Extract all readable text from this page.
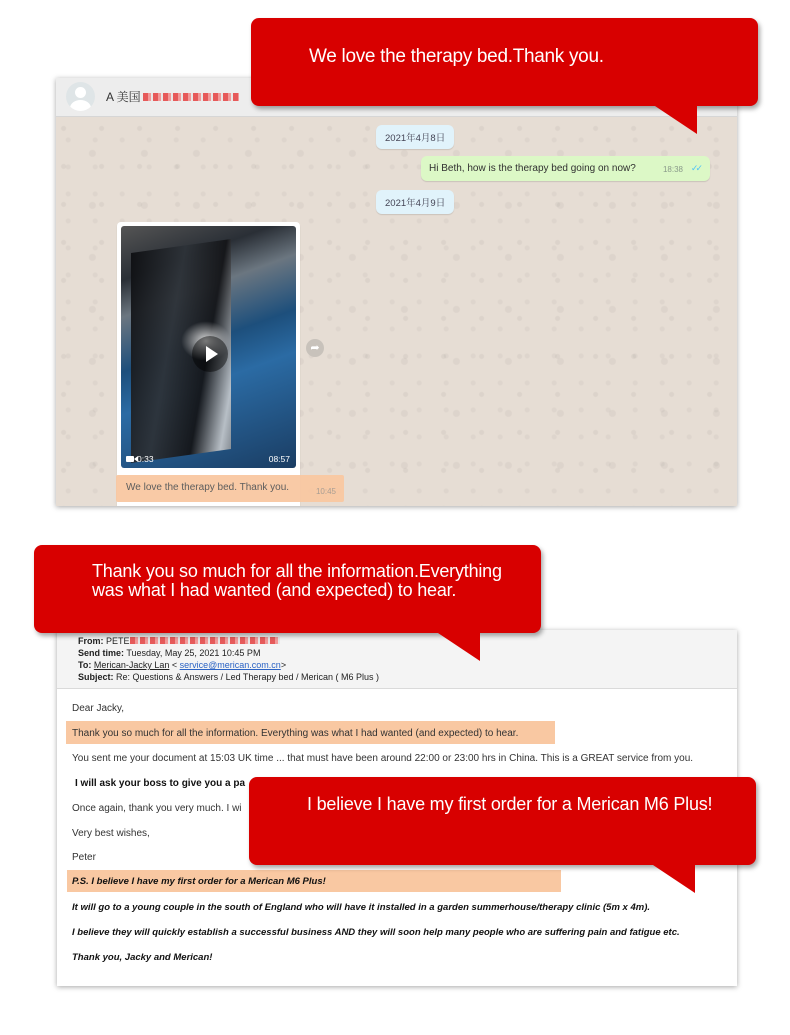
A 美国
2021年4月8日
Hi Beth, how is the therapy bed going on now?	18:38 ✓✓
2021年4月9日
0:33	08:57
➦
We love the therapy bed. Thank you.	10:45
From: PETE
Send time: Tuesday, May 25, 2021 10:45 PM
To: Merican-Jacky Lan < service@merican.com.cn>
Subject: Re: Questions & Answers / Led Therapy bed / Merican ( M6 Plus )
Dear Jacky,
Thank you so much for all the information. Everything was what I had wanted (and expected) to hear.
You sent me your document at 15:03 UK time ... that must have been around 22:00 or 23:00 hrs in China. This is a GREAT service from you.
I will ask your boss to give you a pa
Once again, thank you very much. I wi
Very best wishes,
Peter
P.S. I believe I have my first order for a Merican M6 Plus!
It will go to a young couple in the south of England who will have it installed in a garden summerhouse/therapy clinic (5m x 4m).
I believe they will quickly establish a successful business AND they will soon help many people who are suffering pain and fatigue etc.
Thank you, Jacky and Merican!
We love the therapy bed.Thank you.
Thank you so much for all the information.Everything was what I had wanted (and expected) to hear.
I believe I have my first order for a Merican M6 Plus!
